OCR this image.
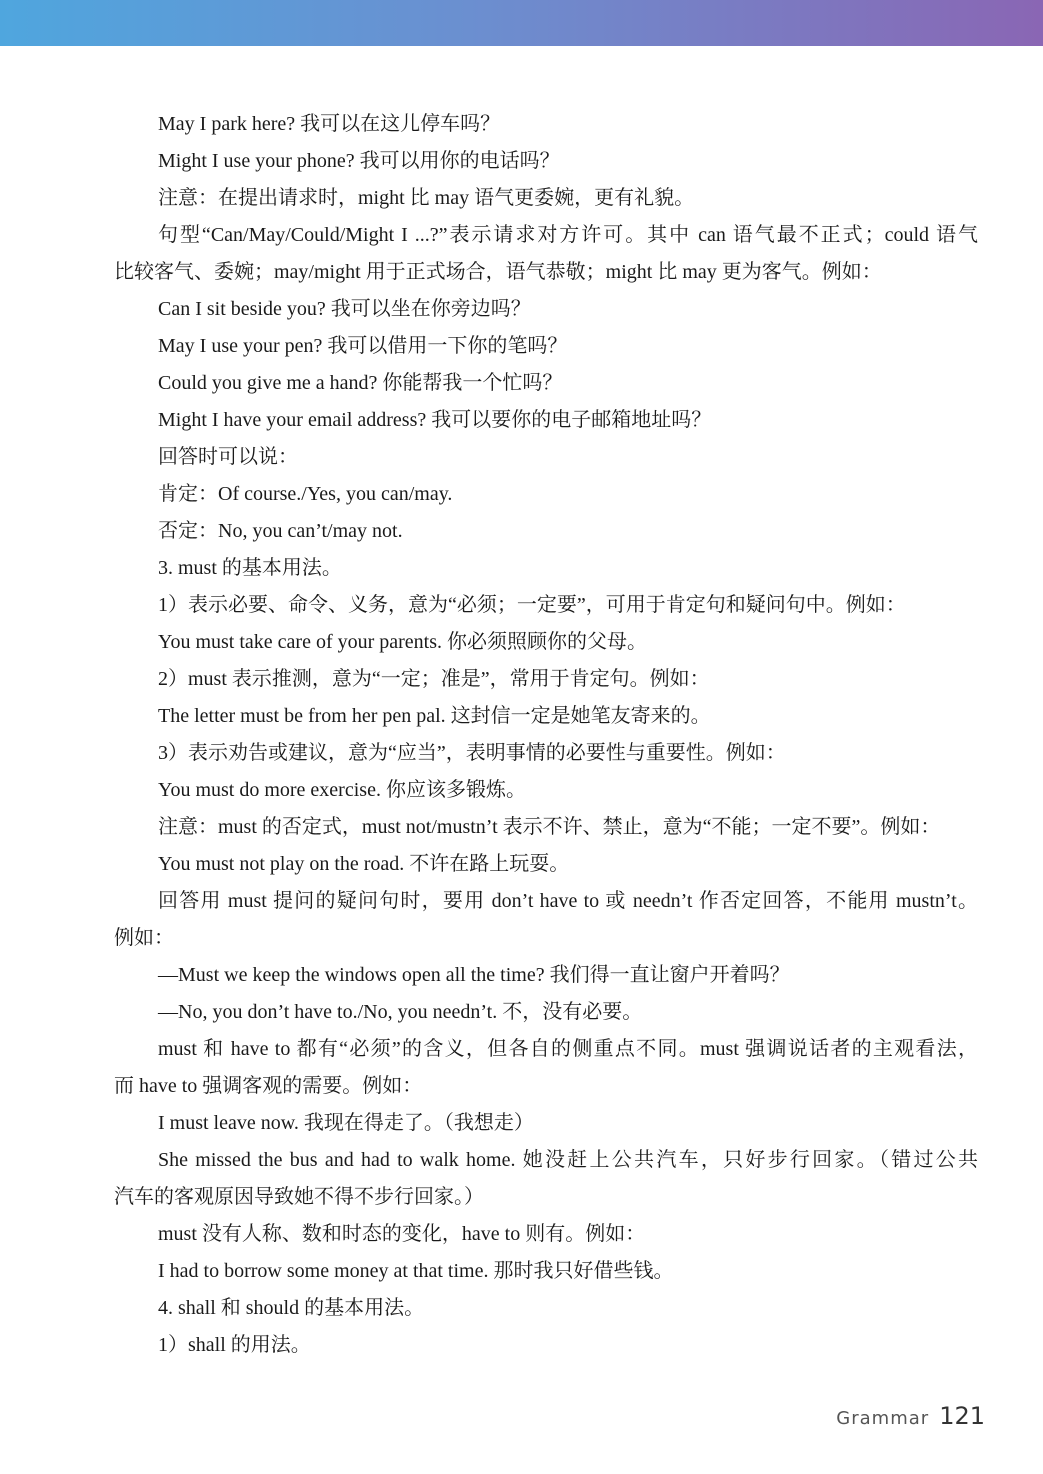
May I park here? 我可以在这儿停车吗？
Might I use your phone? 我可以用你的电话吗？
注意：在提出请求时，might 比 may 语气更委婉，更有礼貌。
句型“Can/May/Could/Might I ...?”表示请求对方许可。其中 can 语气最不正式；could 语气
比较客气、委婉；may/might 用于正式场合，语气恭敬；might 比 may 更为客气。例如：
Can I sit beside you? 我可以坐在你旁边吗？
May I use your pen? 我可以借用一下你的笔吗？
Could you give me a hand? 你能帮我一个忙吗？
Might I have your email address? 我可以要你的电子邮箱地址吗？
回答时可以说：
肯定：Of course./Yes, you can/may.
否定：No, you can’t/may not.
3. must 的基本用法。
1）表示必要、命令、义务，意为“必须；一定要”，可用于肯定句和疑问句中。例如：
You must take care of your parents. 你必须照顾你的父母。
2）must 表示推测，意为“一定；准是”，常用于肯定句。例如：
The letter must be from her pen pal. 这封信一定是她笔友寄来的。
3）表示劝告或建议，意为“应当”，表明事情的必要性与重要性。例如：
You must do more exercise. 你应该多锻炼。
注意：must 的否定式，must not/mustn’t 表示不许、禁止，意为“不能；一定不要”。例如：
You must not play on the road. 不许在路上玩耍。
回答用 must 提问的疑问句时，要用 don’t have to 或 needn’t 作否定回答，不能用 mustn’t。
例如：
—Must we keep the windows open all the time? 我们得一直让窗户开着吗？
—No, you don’t have to./No, you needn’t. 不，没有必要。
must 和 have to 都有“必须”的含义，但各自的侧重点不同。must 强调说话者的主观看法，
而 have to 强调客观的需要。例如：
I must leave now. 我现在得走了。（我想走）
She missed the bus and had to walk home. 她没赶上公共汽车，只好步行回家。（错过公共
汽车的客观原因导致她不得不步行回家。）
must 没有人称、数和时态的变化，have to 则有。例如：
I had to borrow some money at that time. 那时我只好借些钱。
4. shall 和 should 的基本用法。
1）shall 的用法。
Grammar 121
